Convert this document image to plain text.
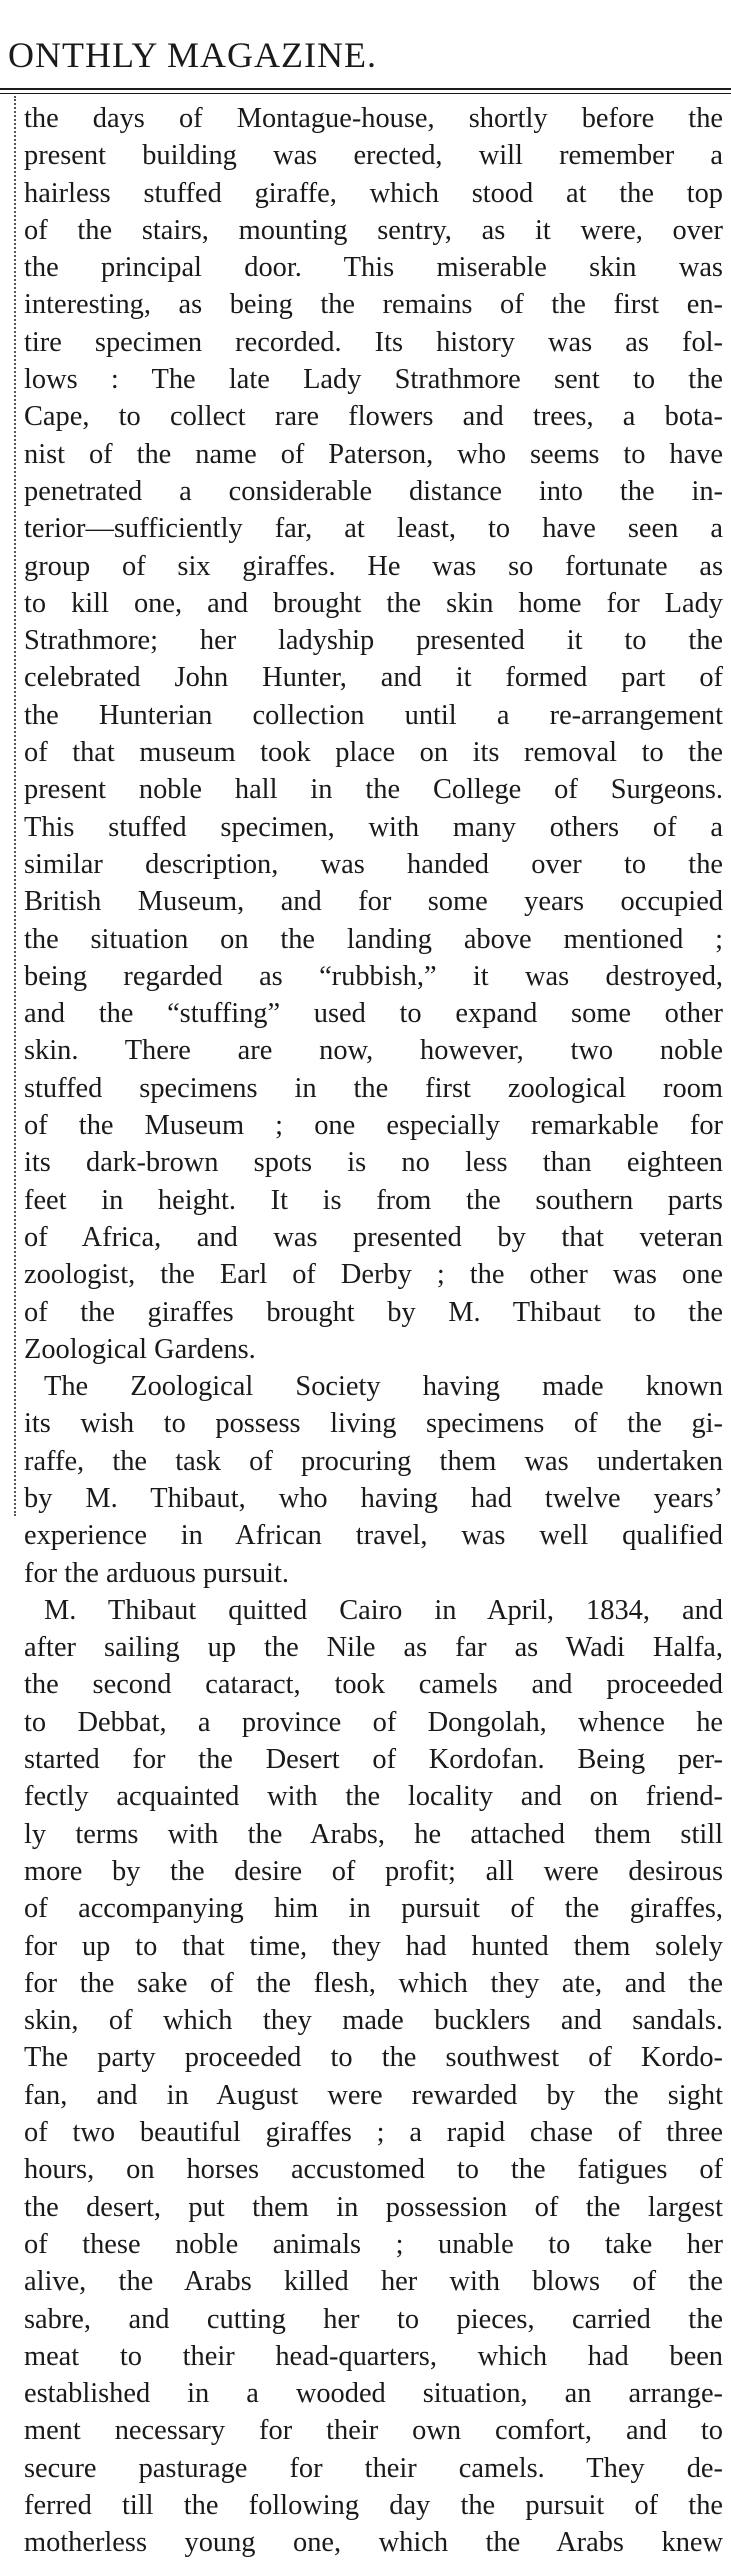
ONTHLY MAGAZINE.
the days of Montague-house, shortly before the
present building was erected, will remember a
hairless stuffed giraffe, which stood at the top
of the stairs, mounting sentry, as it were, over
the principal door. This miserable skin was
interesting, as being the remains of the first en-
tire specimen recorded. Its history was as fol-
lows : The late Lady Strathmore sent to the
Cape, to collect rare flowers and trees, a bota-
nist of the name of Paterson, who seems to have
penetrated a considerable distance into the in-
terior—sufficiently far, at least, to have seen a
group of six giraffes. He was so fortunate as
to kill one, and brought the skin home for Lady
Strathmore; her ladyship presented it to the
celebrated John Hunter, and it formed part of
the Hunterian collection until a re-arrangement
of that museum took place on its removal to the
present noble hall in the College of Surgeons.
This stuffed specimen, with many others of a
similar description, was handed over to the
British Museum, and for some years occupied
the situation on the landing above mentioned ;
being regarded as “rubbish,” it was destroyed,
and the “stuffing” used to expand some other
skin. There are now, however, two noble
stuffed specimens in the first zoological room
of the Museum ; one especially remarkable for
its dark-brown spots is no less than eighteen
feet in height. It is from the southern parts
of Africa, and was presented by that veteran
zoologist, the Earl of Derby ; the other was one
of the giraffes brought by M. Thibaut to the
Zoological Gardens.
The Zoological Society having made known
its wish to possess living specimens of the gi-
raffe, the task of procuring them was undertaken
by M. Thibaut, who having had twelve years’
experience in African travel, was well qualified
for the arduous pursuit.
M. Thibaut quitted Cairo in April, 1834, and
after sailing up the Nile as far as Wadi Halfa,
the second cataract, took camels and proceeded
to Debbat, a province of Dongolah, whence he
started for the Desert of Kordofan. Being per-
fectly acquainted with the locality and on friend-
ly terms with the Arabs, he attached them still
more by the desire of profit; all were desirous
of accompanying him in pursuit of the giraffes,
for up to that time, they had hunted them solely
for the sake of the flesh, which they ate, and the
skin, of which they made bucklers and sandals.
The party proceeded to the southwest of Kordo-
fan, and in August were rewarded by the sight
of two beautiful giraffes ; a rapid chase of three
hours, on horses accustomed to the fatigues of
the desert, put them in possession of the largest
of these noble animals ; unable to take her
alive, the Arabs killed her with blows of the
sabre, and cutting her to pieces, carried the
meat to their head-quarters, which had been
established in a wooded situation, an arrange-
ment necessary for their own comfort, and to
secure pasturage for their camels. They de-
ferred till the following day the pursuit of the
motherless young one, which the Arabs knew
